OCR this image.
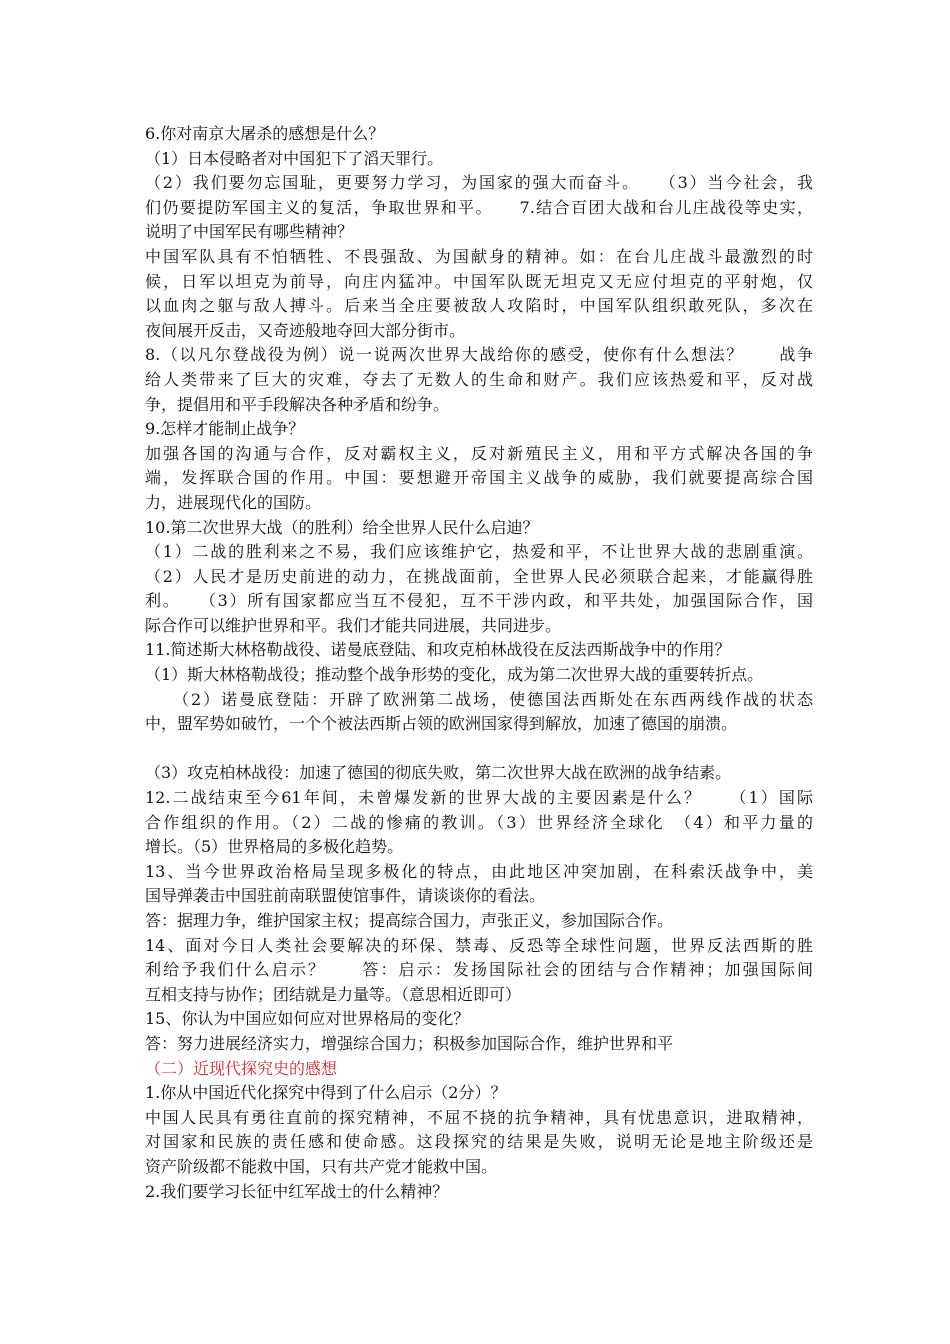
6.你对南京大屠杀的感想是什么？

（1）日本侵略者对中国犯下了滔天罪行。

（2）我们要勿忘国耻，更要努力学习，为国家的强大而奋斗。　　（3）当今社会，我

们仍要提防军国主义的复活，争取世界和平。　　7.结合百团大战和台儿庄战役等史实，

说明了中国军民有哪些精神？

中国军队具有不怕牺牲、不畏强敌、为国献身的精神。如：在台儿庄战斗最激烈的时

候，日军以坦克为前导，向庄内猛冲。中国军队既无坦克又无应付坦克的平射炮，仅

以血肉之躯与敌人搏斗。后来当全庄要被敌人攻陷时，中国军队组织敢死队，多次在

夜间展开反击，又奇迹般地夺回大部分街市。

8.（以凡尔登战役为例）说一说两次世界大战给你的感受，使你有什么想法？　　战争

给人类带来了巨大的灾难，夺去了无数人的生命和财产。我们应该热爱和平，反对战

争，提倡用和平手段解决各种矛盾和纷争。

9.怎样才能制止战争？

加强各国的沟通与合作，反对霸权主义，反对新殖民主义，用和平方式解决各国的争

端，发挥联合国的作用。中国：要想避开帝国主义战争的威胁，我们就要提高综合国

力，进展现代化的国防。

10.第二次世界大战（的胜利）给全世界人民什么启迪？

（1）二战的胜利来之不易，我们应该维护它，热爱和平，不让世界大战的悲剧重演。

（2）人民才是历史前进的动力，在挑战面前，全世界人民必须联合起来，才能赢得胜

利。　　（3）所有国家都应当互不侵犯，互不干涉内政，和平共处，加强国际合作，国

际合作可以维护世界和平。我们才能共同进展，共同进步。

11.简述斯大林格勒战役、诺曼底登陆、和攻克柏林战役在反法西斯战争中的作用？

（1）斯大林格勒战役；推动整个战争形势的变化，成为第二次世界大战的重要转折点。

　　（2）诺曼底登陆：开辟了欧洲第二战场，使德国法西斯处在东西两线作战的状态

中，盟军势如破竹，一个个被法西斯占领的欧洲国家得到解放，加速了德国的崩溃。

（3）攻克柏林战役：加速了德国的彻底失败，第二次世界大战在欧洲的战争结素。

12.二战结束至今61年间，未曾爆发新的世界大战的主要因素是什么？　　（1）国际

合作组织的作用。（2）二战的惨痛的教训。（3）世界经济全球化　（4）和平力量的

增长。（5）世界格局的多极化趋势。

13、当今世界政治格局呈现多极化的特点，由此地区冲突加剧，在科索沃战争中，美

国导弹袭击中国驻前南联盟使馆事件，请谈谈你的看法。

答：据理力争，维护国家主权；提高综合国力，声张正义，参加国际合作。

14、面对今日人类社会要解决的环保、禁毒、反恐等全球性问题，世界反法西斯的胜

利给予我们什么启示？　　答：启示：发扬国际社会的团结与合作精神；加强国际间

互相支持与协作；团结就是力量等。（意思相近即可）

15、你认为中国应如何应对世界格局的变化？

答：努力进展经济实力，增强综合国力；积极参加国际合作，维护世界和平

（二）近现代探究史的感想

1.你从中国近代化探究中得到了什么启示（2分）？

中国人民具有勇往直前的探究精神，不屈不挠的抗争精神，具有忧患意识，进取精神，

对国家和民族的责任感和使命感。这段探究的结果是失败，说明无论是地主阶级还是

资产阶级都不能救中国，只有共产党才能救中国。

2.我们要学习长征中红军战士的什么精神？
